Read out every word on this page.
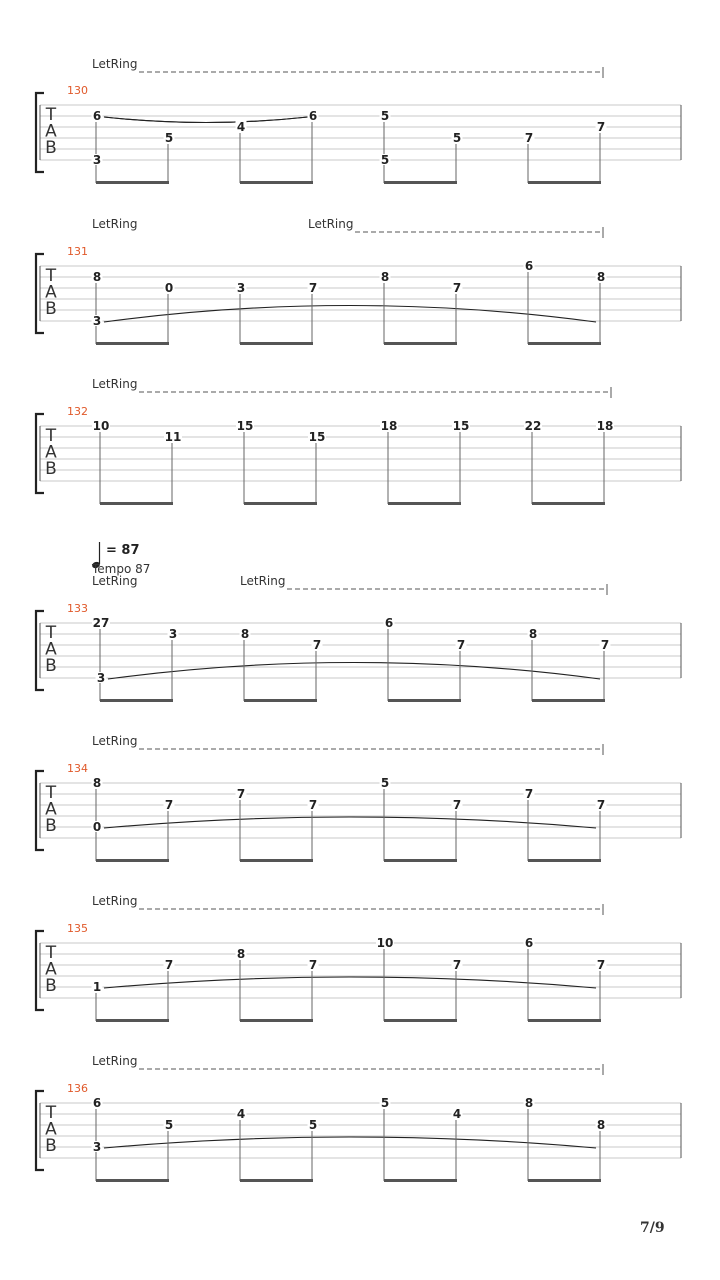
T
A
B
130
LetRing
3
6
5
4
6
5
5
5	7
7
T
A
B
131
LetRing	LetRing
3
8
0	3	7
8
7
6
8
T
A
B
132
LetRing
10
11
15
15
18	15	22	18
T
A
B
133
LetRing	LetRing
3
27
3	8
7
6
7
8
7
T
A
B
134
LetRing
0
8
7
7
7
5
7
7
7
T
A
B
135
LetRing
1
7
8
7
10
7
6
7
T
A
B
136
LetRing
3
6
5
4
5
5
4
8
8
= 87
Tempo 87
7/9
